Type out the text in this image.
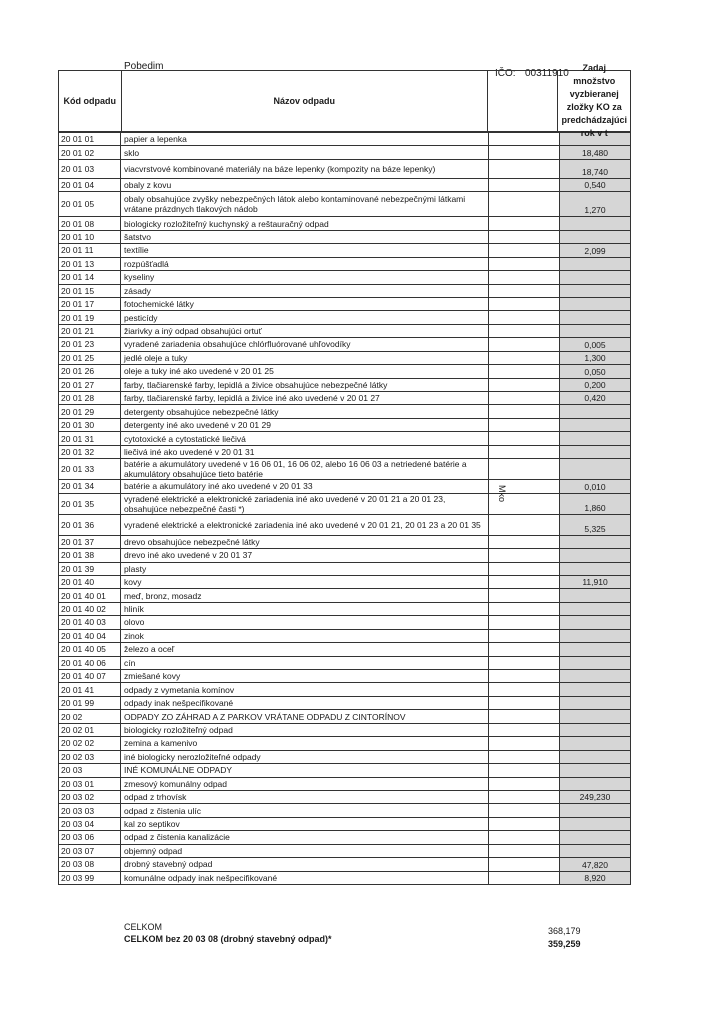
Pobedim
IČO: 00311910
Kód odpadu	Názov odpadu
Zadaj množstvo vyzbieranej zložky KO za predchádzajúci
20 01 01	papier a lepenka
20 01 02	sklo	18,480
20 01 03	viacvrstvové kombinované materiály na báze lepenky (kompozity na báze lepenky)	18,740
20 01 04	obaly z kovu	0,540
20 01 05	obaly obsahujúce zvyšky nebezpečných látok alebo kontaminované nebezpečnými látkami vrátane prázdnych tlakových nádob	1,270
20 01 08	biologicky rozložiteľný kuchynský a reštauračný odpad
20 01 10	šatstvo
20 01 11	textílie	2,099
20 01 13	rozpúšťadlá
20 01 14	kyseliny
20 01 15	zásady
20 01 17	fotochemické látky
20 01 19	pesticídy
20 01 21	žiarivky a iný odpad obsahujúci ortuť
20 01 23	vyradené zariadenia obsahujúce chlórfluórované uhľovodíky	0,005
20 01 25	jedlé oleje a tuky	1,300
20 01 26	oleje a tuky iné ako uvedené v 20 01 25	0,050
20 01 27	farby, tlačiarenské farby, lepidlá a živice obsahujúce nebezpečné látky	0,200
20 01 28	farby, tlačiarenské farby, lepidlá a živice iné ako uvedené v 20 01 27	0,420
20 01 29	detergenty obsahujúce nebezpečné látky
20 01 30	detergenty iné ako uvedené v 20 01 29
20 01 31	cytotoxické a cytostatické liečivá
20 01 32	liečivá iné ako uvedené v 20 01 31
20 01 33	batérie a akumulátory uvedené v 16 06 01, 16 06 02, alebo 16 06 03 a netriedené batérie a akumulátory obsahujúce tieto batérie
20 01 34	batérie a akumulátory iné ako uvedené v 20 01 33	0,010
20 01 35	vyradené elektrické a elektronické zariadenia iné ako uvedené v 20 01 21 a 20 01 23, obsahujúce nebezpečné časti *)	1,860
20 01 36	vyradené elektrické a elektronické zariadenia iné ako uvedené v 20 01 21, 20 01 23 a 20 01 35	5,325
20 01 37	drevo obsahujúce nebezpečné látky
20 01 38	drevo iné ako uvedené v 20 01 37
20 01 39	plasty
20 01 40	kovy	11,910
20 01 40 01	meď, bronz, mosadz
20 01 40 02	hliník
20 01 40 03	olovo
20 01 40 04	zinok
20 01 40 05	železo a oceľ
20 01 40 06	cín
20 01 40 07	zmiešané kovy
20 01 41	odpady z vymetania komínov
20 01 99	odpady inak nešpecifikované
20 02	ODPADY ZO ZÁHRAD A Z PARKOV VRÁTANE ODPADU Z CINTORÍNOV
20 02 01	biologicky rozložiteľný odpad
20 02 02	zemina a kamenivo
20 02 03	iné biologicky nerozložiteľné odpady
20 03	INÉ KOMUNÁLNE ODPADY
20 03 01	zmesový komunálny odpad
20 03 02	odpad z trhovísk	249,230
20 03 03	odpad z čistenia ulíc
20 03 04	kal zo septikov
20 03 06	odpad z čistenia kanalizácie
20 03 07	objemný odpad
20 03 08	drobný stavebný odpad	47,820
20 03 99	komunálne odpady inak nešpecifikované	8,920
Mko
CELKOM	368,179
CELKOM bez 20 03 08 (drobný stavebný odpad)*	359,259
